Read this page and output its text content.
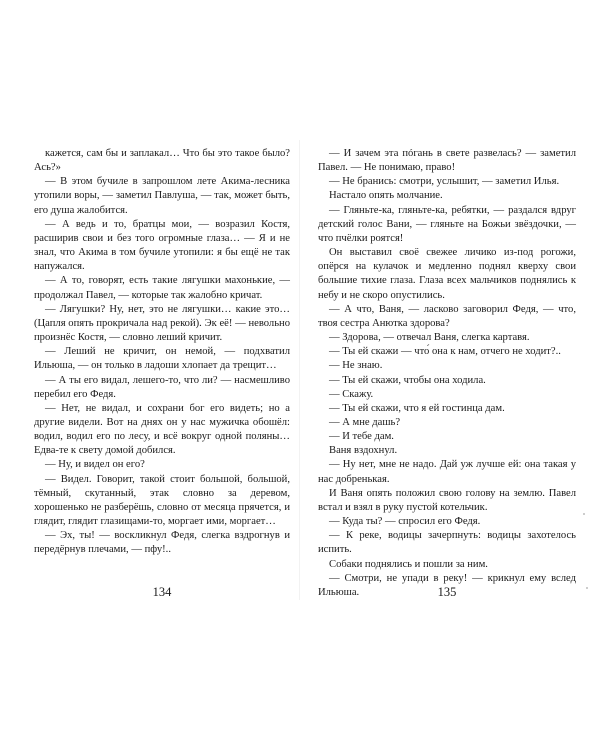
кажется, сам бы и заплакал… Что бы это такое было? Ась?»

— В этом бучиле в запрошлом лете Акима-лесника утопили воры, — заметил Павлуша, — так, может быть, его душа жалобится.

— А ведь и то, братцы мои, — возразил Костя, расширив свои и без того огромные глаза… — Я и не знал, что Акима в том бучиле утопили: я бы ещё не так напужался.

— А то, говорят, есть такие лягушки махонькие, — продолжал Павел, — которые так жалобно кричат.

— Лягушки? Ну, нет, это не лягушки… какие это… (Цапля опять прокричала над рекой). Эк её! — невольно произнёс Костя, — словно леший кричит.

— Леший не кричит, он немой, — подхватил Ильюша, — он только в ладоши хлопает да трещит…

— А ты его видал, лешего-то, что ли? — насмешливо перебил его Федя.

— Нет, не видал, и сохрани бог его видеть; но а другие видели. Вот на днях он у нас мужичка обошёл: водил, водил его по лесу, и всё вокруг одной поляны… Едва-те к свету домой добился.

— Ну, и видел он его?

— Видел. Говорит, такой стоит большой, большой, тёмный, скутанный, этак словно за деревом, хорошенько не разберёшь, словно от месяца прячется, и глядит, глядит глазищами-то, моргает ими, моргает…

— Эх, ты! — воскликнул Федя, слегка вздрогнув и передёрнув плечами, — пфу!..

134

— И зачем эта пóгань в свете развелась? — заметил Павел. — Не понимаю, право!

— Не бранись: смотри, услышит, — заметил Илья.

Настало опять молчание.

— Гляньте-ка, гляньте-ка, ребятки, — раздался вдруг детский голос Вани, — гляньте на Божьи звёздочки, — что пчёлки роятся!

Он выставил своё свежее личико из-под рогожи, опёрся на кулачок и медленно поднял кверху свои большие тихие глаза. Глаза всех мальчиков поднялись к небу и не скоро опустились.

— А что, Ваня, — ласково заговорил Федя, — что, твоя сестра Анютка здорова?

— Здорова, — отвечал Ваня, слегка картавя.

— Ты ей скажи — что́ она к нам, отчего не ходит?..

— Не знаю.

— Ты ей скажи, чтобы она ходила.

— Скажу.

— Ты ей скажи, что я ей гостинца дам.

— А мне дашь?

— И тебе дам.

Ваня вздохнул.

— Ну нет, мне не надо. Дай уж лучше ей: она такая у нас добренькая.

И Ваня опять положил свою голову на землю. Павел встал и взял в руку пустой котельчик.

— Куда ты? — спросил его Федя.

— К реке, водицы зачерпнуть: водицы захотелось испить.

Собаки поднялись и пошли за ним.

— Смотри, не упади в реку! — крикнул ему вслед Ильюша.	135
